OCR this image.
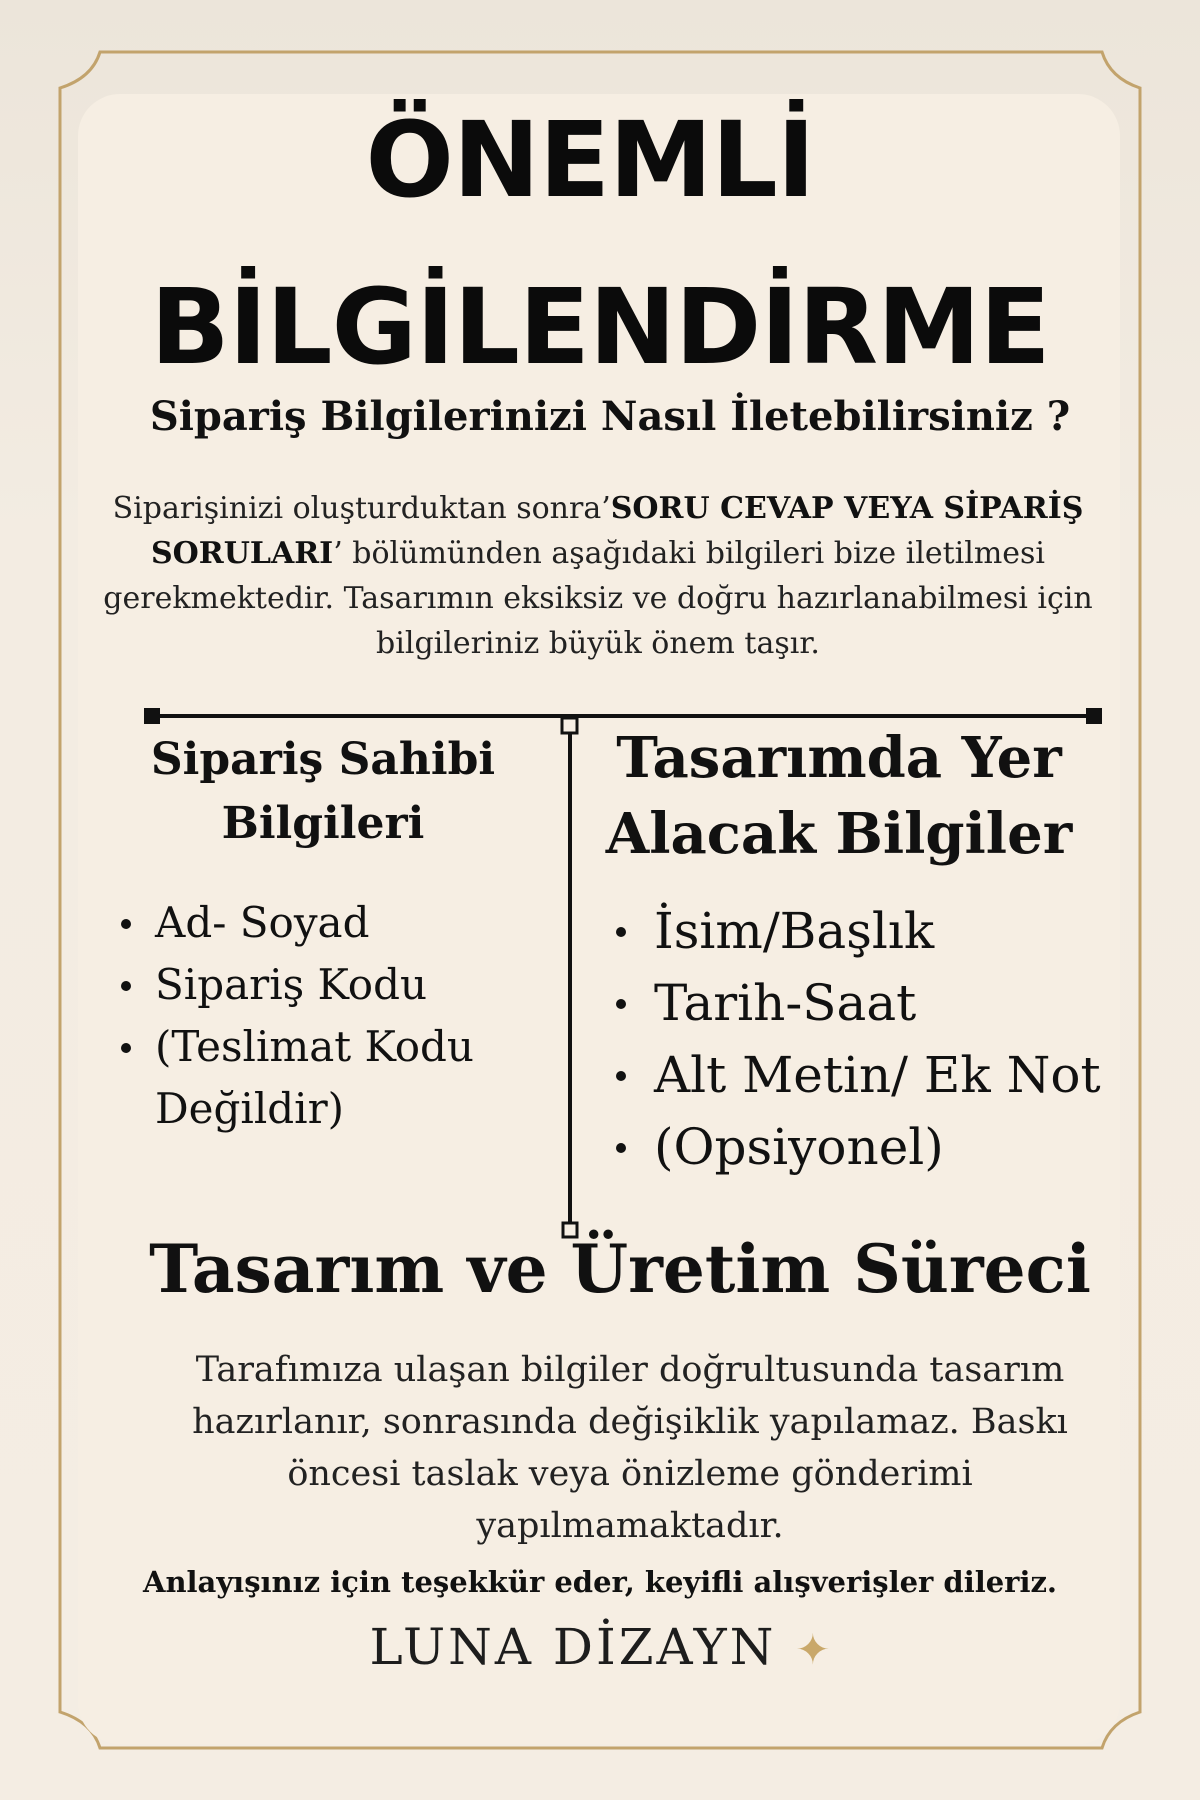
ÖNEMLİ
BİLGİLENDİRME
Sipariş Bilgilerinizi Nasıl İletebilirsiniz ?

Siparişinizi oluşturduktan sonra’SORU CEVAP VEYA SİPARİŞ SORULARI’ bölümünden aşağıdaki bilgileri bize iletilmesi gerekmektedir. Tasarımın eksiksiz ve doğru hazırlanabilmesi için bilgileriniz büyük önem taşır.

Sipariş Sahibi Bilgileri
Ad- Soyad
Sipariş Kodu
(Teslimat Kodu Değildir)
Tasarımda Yer Alacak Bilgiler
İsim/Başlık
Tarih-Saat
Alt Metin/ Ek Not
(Opsiyonel)
Tasarım ve Üretim Süreci

Tarafımıza ulaşan bilgiler doğrultusunda tasarım hazırlanır, sonrasında değişiklik yapılamaz. Baskı öncesi taslak veya önizleme gönderimi yapılmamaktadır.

Anlayışınız için teşekkür eder, keyifli alışverişler dileriz.

LUNA DİZAYN ✦
